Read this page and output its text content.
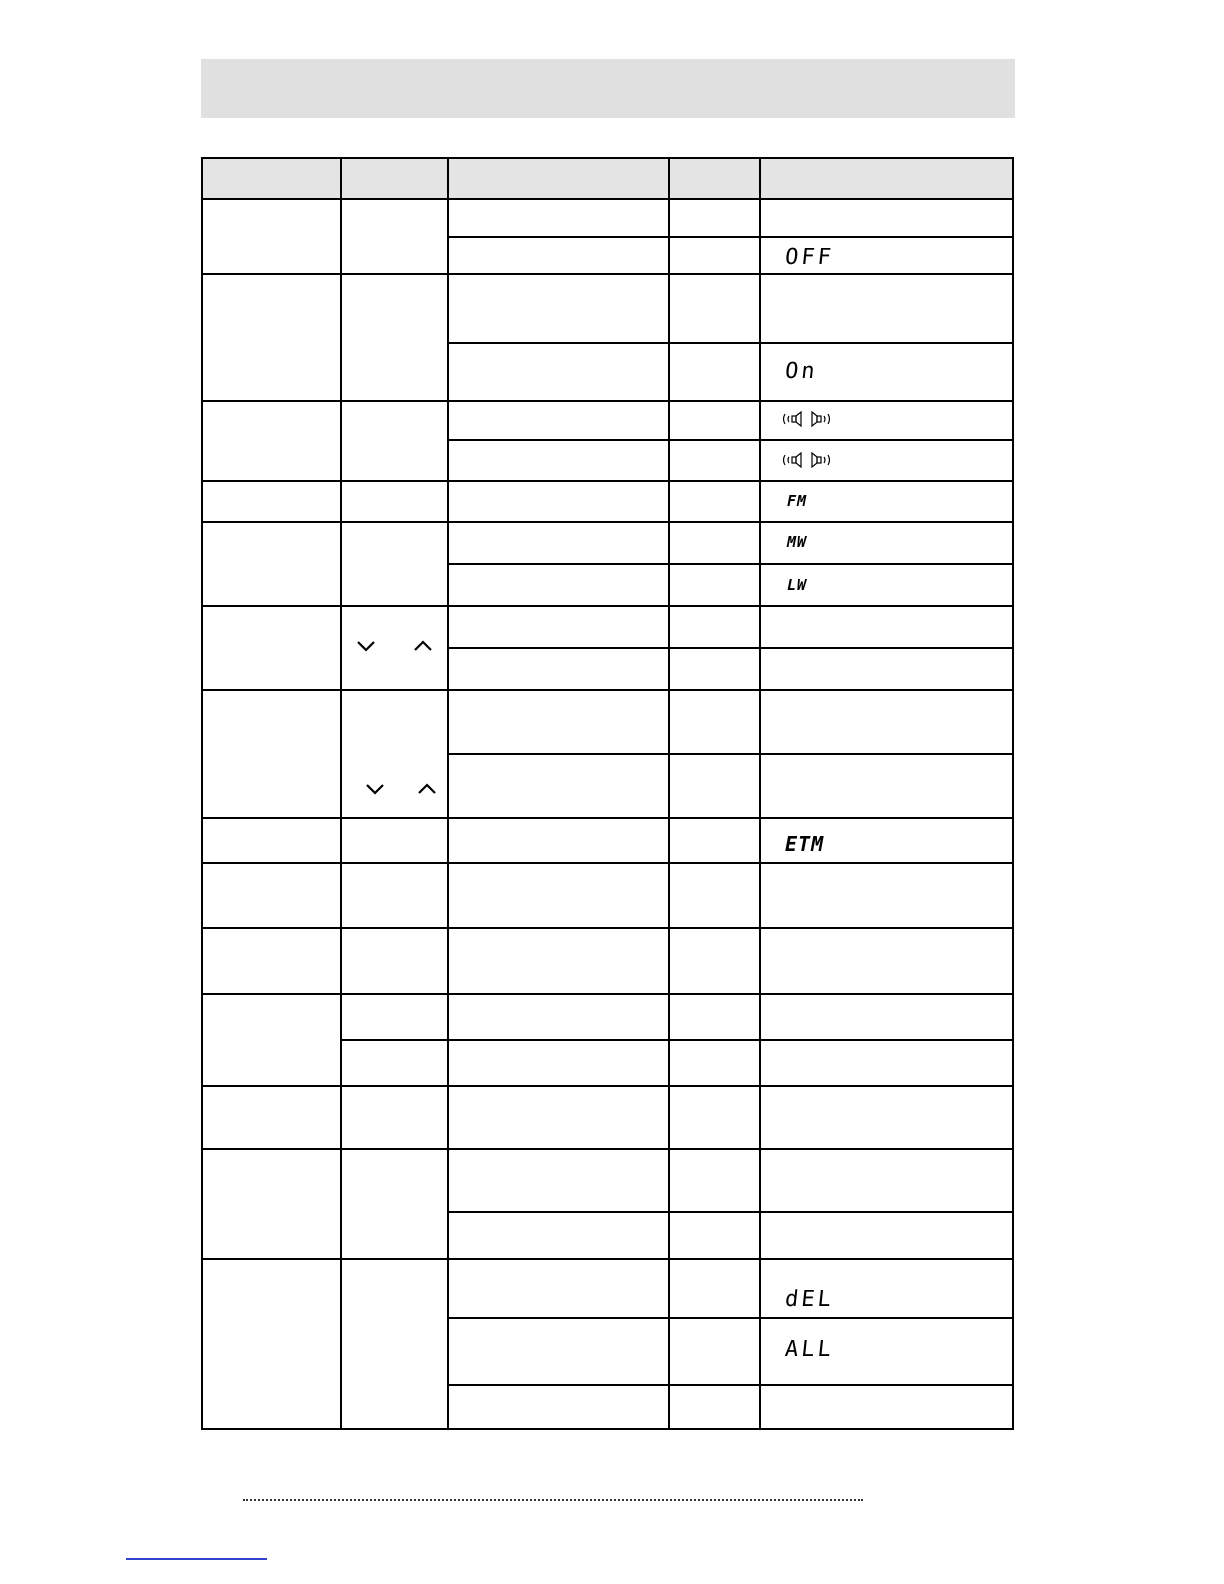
OFF
On
FM
MW
LW
ETM
dEL
ALL
